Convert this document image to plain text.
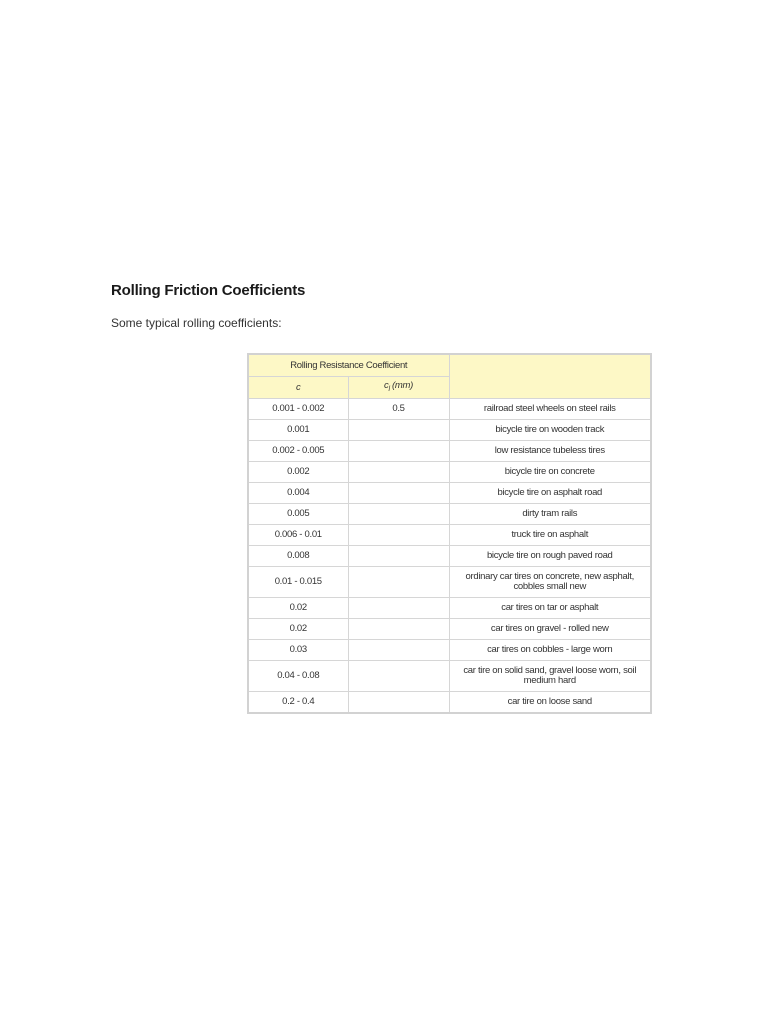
Rolling Friction Coefficients
Some typical rolling coefficients:
Rolling Resistance Coefficient		
c	$c_l$ (mm)	
0.001 - 0.002	0.5	railroad steel wheels on steel rails
0.001		bicycle tire on wooden track
0.002 - 0.005		low resistance tubeless tires
0.002		bicycle tire on concrete
0.004		bicycle tire on asphalt road
0.005		dirty tram rails
0.006 - 0.01		truck tire on asphalt
0.008		bicycle tire on rough paved road
0.01 - 0.015		ordinary car tires on concrete, new asphalt, cobbles small new
0.02		car tires on tar or asphalt
0.02		car tires on gravel - rolled new
0.03		car tires on cobbles - large worn
0.04 - 0.08		car tire on solid sand, gravel loose worn, soil medium hard
0.2 - 0.4		car tire on loose sand
